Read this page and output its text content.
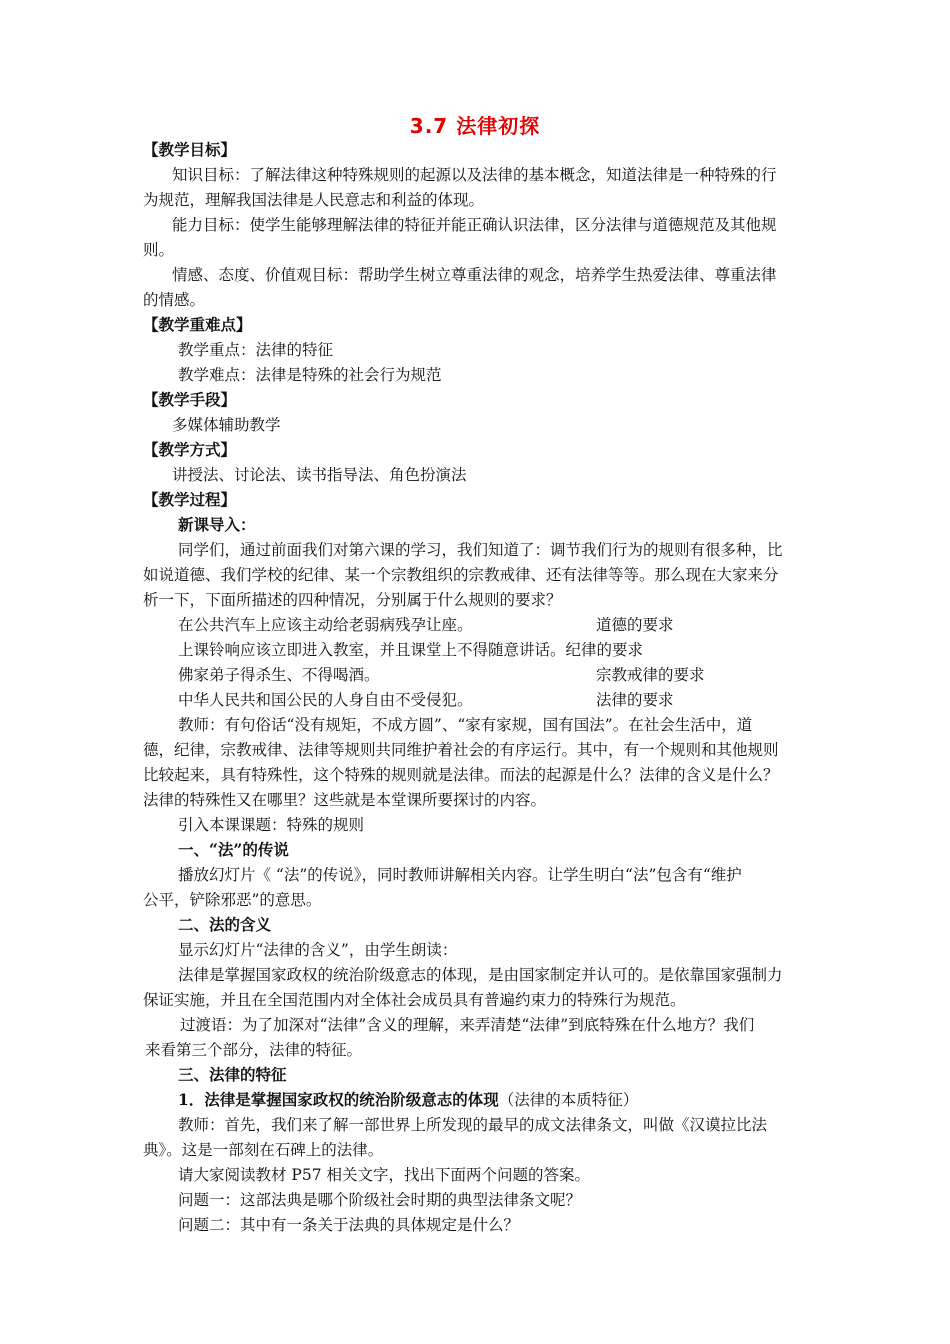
3.7 法律初探
【教学目标】
知识目标：了解法律这种特殊规则的起源以及法律的基本概念，知道法律是一种特殊的行
为规范，理解我国法律是人民意志和利益的体现。
能力目标：使学生能够理解法律的特征并能正确认识法律，区分法律与道德规范及其他规
则。
情感、态度、价值观目标：帮助学生树立尊重法律的观念，培养学生热爱法律、尊重法律
的情感。
【教学重难点】
教学重点：法律的特征
教学难点：法律是特殊的社会行为规范
【教学手段】
多媒体辅助教学
【教学方式】
讲授法、讨论法、读书指导法、角色扮演法
【教学过程】
新课导入：
同学们，通过前面我们对第六课的学习，我们知道了：调节我们行为的规则有很多种，比
如说道德、我们学校的纪律、某一个宗教组织的宗教戒律、还有法律等等。那么现在大家来分
析一下，下面所描述的四种情况，分别属于什么规则的要求？
在公共汽车上应该主动给老弱病残孕让座。	道德的要求
上课铃响应该立即进入教室，并且课堂上不得随意讲话。纪律的要求
佛家弟子得杀生、不得喝酒。	宗教戒律的要求
中华人民共和国公民的人身自由不受侵犯。	法律的要求
教师：有句俗话“没有规矩，不成方圆”、“家有家规，国有国法”。在社会生活中，道
德，纪律，宗教戒律、法律等规则共同维护着社会的有序运行。其中，有一个规则和其他规则
比较起来，具有特殊性，这个特殊的规则就是法律。而法的起源是什么？法律的含义是什么？
法律的特殊性又在哪里？这些就是本堂课所要探讨的内容。
引入本课课题：特殊的规则
一、“法”的传说
播放幻灯片《 “法”的传说》，同时教师讲解相关内容。让学生明白“法”包含有“维护
公平，铲除邪恶”的意思。
二、法的含义
显示幻灯片“法律的含义”，由学生朗读：
法律是掌握国家政权的统治阶级意志的体现，是由国家制定并认可的。是依靠国家强制力
保证实施，并且在全国范围内对全体社会成员具有普遍约束力的特殊行为规范。
过渡语：为了加深对“法律”含义的理解，来弄清楚“法律”到底特殊在什么地方？我们
来看第三个部分，法律的特征。
三、法律的特征
1．法律是掌握国家政权的统治阶级意志的体现（法律的本质特征）
教师：首先，我们来了解一部世界上所发现的最早的成文法律条文，叫做《汉谟拉比法
典》。这是一部刻在石碑上的法律。
请大家阅读教材 P57 相关文字，找出下面两个问题的答案。
问题一：这部法典是哪个阶级社会时期的典型法律条文呢？
问题二：其中有一条关于法典的具体规定是什么？
